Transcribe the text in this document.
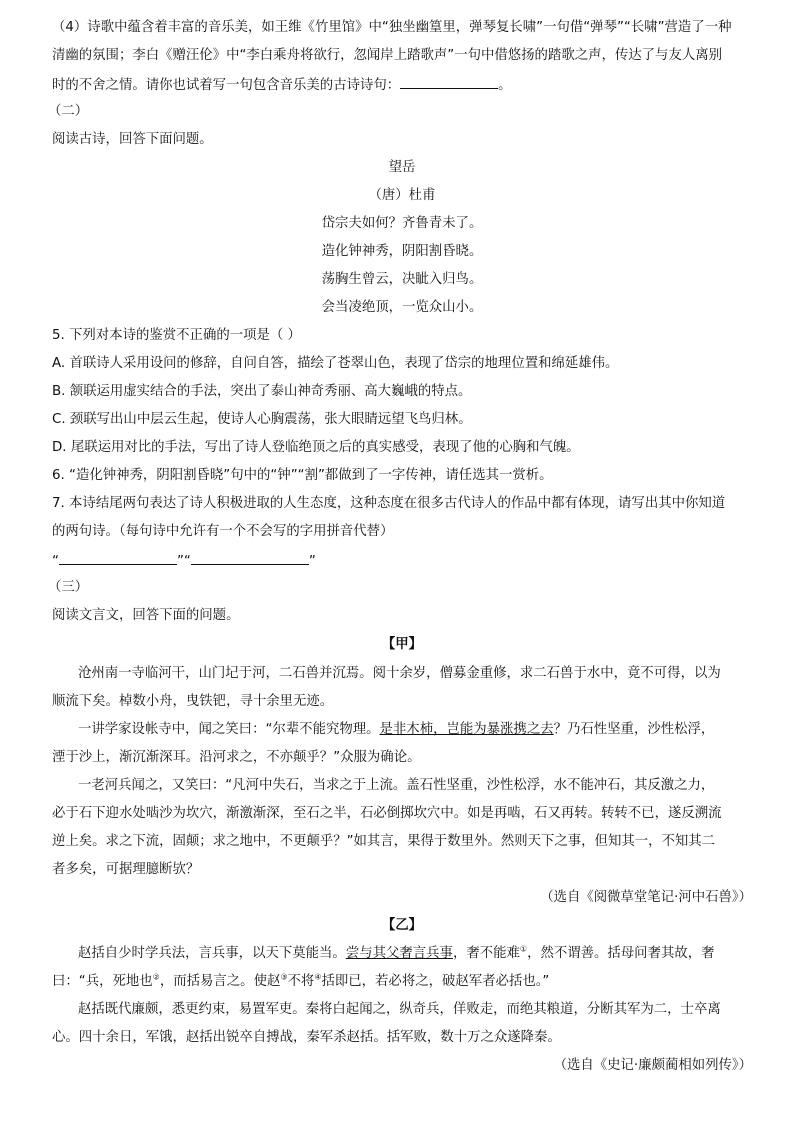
（4）诗歌中蕴含着丰富的音乐美，如王维《竹里馆》中“独坐幽篁里，弹琴复长啸”一句借“弹琴”“长啸”营造了一种
清幽的氛围；李白《赠汪伦》中“李白乘舟将欲行，忽闻岸上踏歌声”一句中借悠扬的踏歌之声，传达了与友人离别
时的不舍之情。请你也试着写一句包含音乐美的古诗诗句：	。
（二）
阅读古诗，回答下面问题。
望岳
（唐）杜甫
岱宗夫如何？齐鲁青未了。
造化钟神秀，阴阳割昏晓。
荡胸生曾云，决眦入归鸟。
会当凌绝顶，一览众山小。
5. 下列对本诗的鉴赏不正确的一项是（ ）
A. 首联诗人采用设问的修辞，自问自答，描绘了苍翠山色，表现了岱宗的地理位置和绵延雄伟。
B. 颔联运用虚实结合的手法，突出了泰山神奇秀丽、高大巍峨的特点。
C. 颈联写出山中层云生起，使诗人心胸震荡，张大眼睛远望飞鸟归林。
D. 尾联运用对比的手法，写出了诗人登临绝顶之后的真实感受，表现了他的心胸和气魄。
6. “造化钟神秀，阴阳割昏晓”句中的“钟”“割”都做到了一字传神，请任选其一赏析。
7. 本诗结尾两句表达了诗人积极进取的人生态度，这种态度在很多古代诗人的作品中都有体现，请写出其中你知道
的两句诗。（每句诗中允许有一个不会写的字用拼音代替）
“	”“	”
（三）
阅读文言文，回答下面的问题。
【甲】
沧州南一寺临河干，山门圮于河，二石兽并沉焉。阅十余岁，僧募金重修，求二石兽于水中，竟不可得，以为
顺流下矣。棹数小舟，曳铁钯，寻十余里无迹。
一讲学家设帐寺中，闻之笑曰：“尔辈不能究物理。是非木柿，岂能为暴涨携之去？乃石性坚重，沙性松浮，
湮于沙上，渐沉渐深耳。沿河求之，不亦颠乎？”众服为确论。
一老河兵闻之，又笑曰：“凡河中失石，当求之于上流。盖石性坚重，沙性松浮，水不能冲石，其反激之力，
必于石下迎水处啮沙为坎穴，渐激渐深，至石之半，石必倒掷坎穴中。如是再啮，石又再转。转转不已，遂反溯流
逆上矣。求之下流，固颠；求之地中，不更颠乎？”如其言，果得于数里外。然则天下之事，但知其一，不知其二
者多矣，可据理臆断欤？
（选自《阅微草堂笔记·河中石兽》）
【乙】
赵括自少时学兵法，言兵事，以天下莫能当。尝与其父奢言兵事，奢不能难①，然不谓善。括母问奢其故，奢
曰：“兵，死地也②，而括易言之。使赵③不将④括即已，若必将之，破赵军者必括也。”
赵括既代廉颇，悉更约束，易置军吏。秦将白起闻之，纵奇兵，佯败走，而绝其粮道，分断其军为二，士卒离
心。四十余日，军饿，赵括出锐卒自搏战，秦军杀赵括。括军败，数十万之众遂降秦。
（选自《史记·廉颇蔺相如列传》）
